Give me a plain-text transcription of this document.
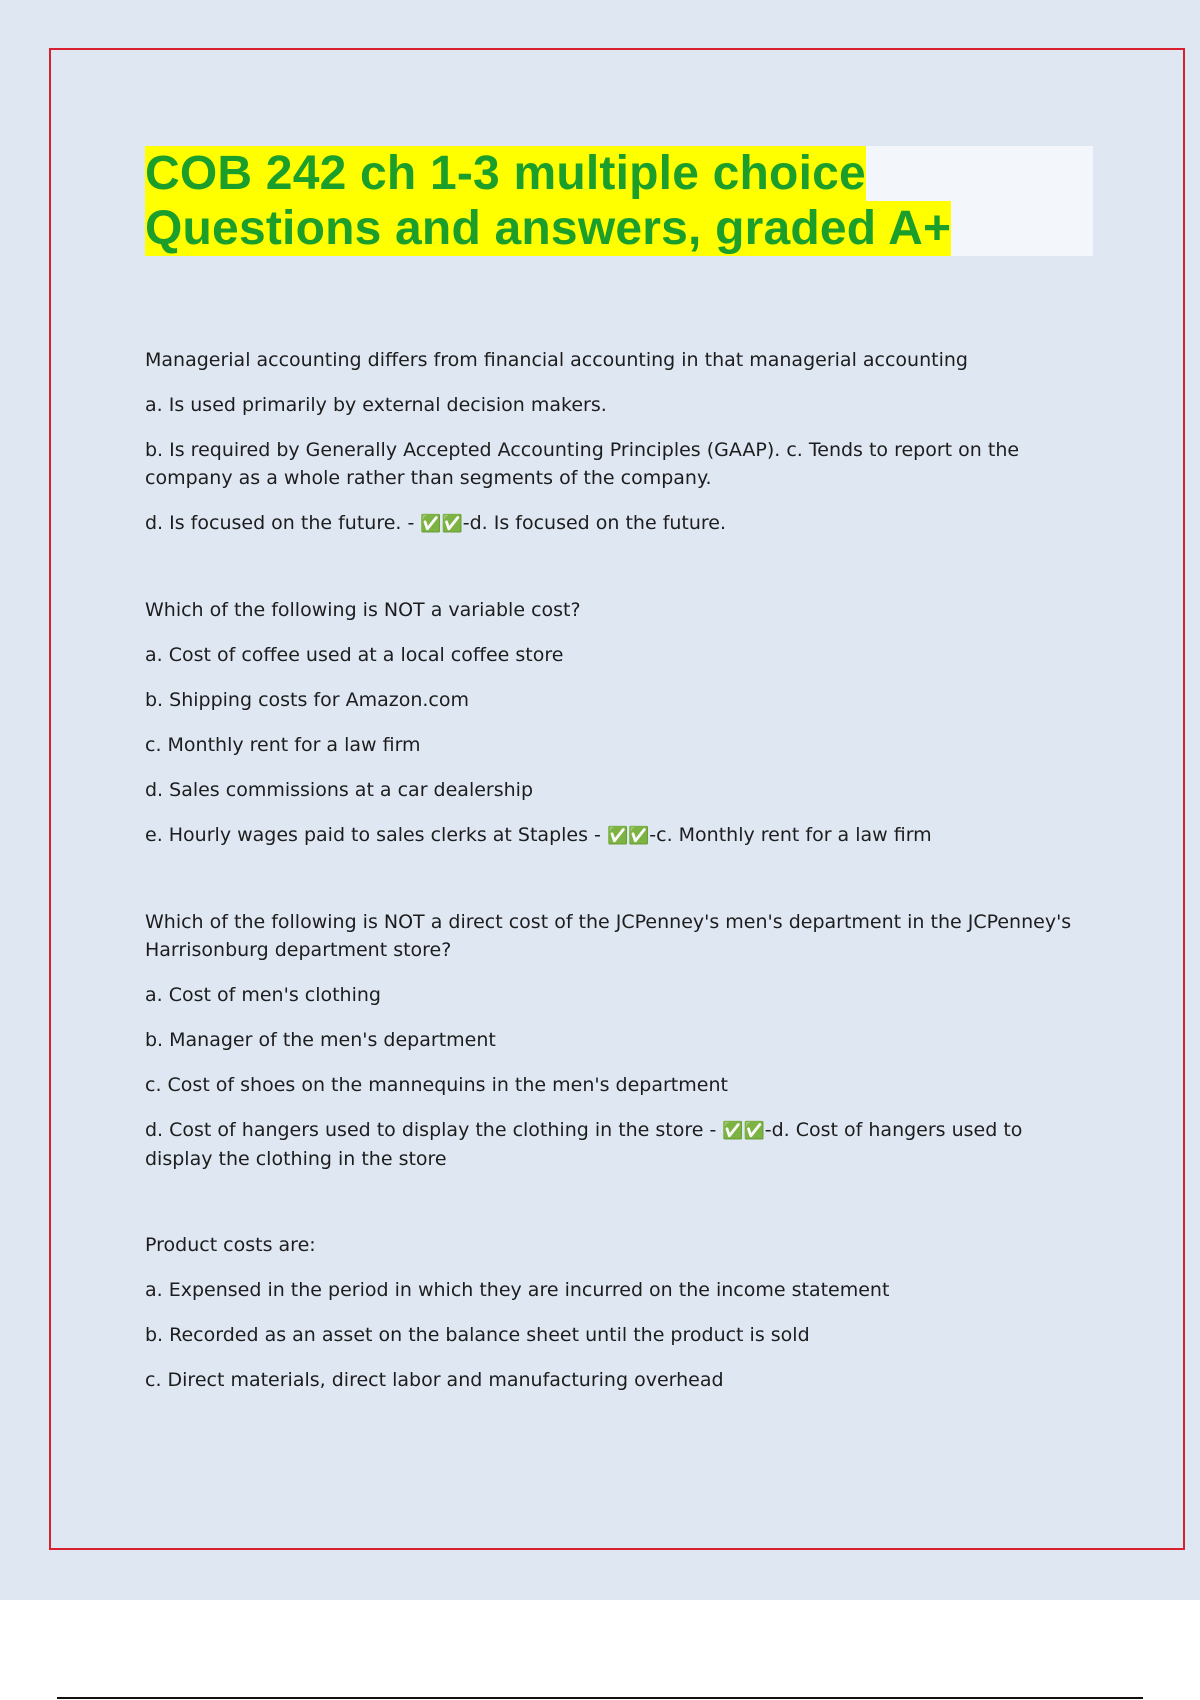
COB 242 ch 1-3 multiple choice
Questions and answers, graded A+

Managerial accounting differs from financial accounting in that managerial accounting

a. Is used primarily by external decision makers.

b. Is required by Generally Accepted Accounting Principles (GAAP). c. Tends to report on the company as a whole rather than segments of the company.

d. Is focused on the future. - ✅✅-d. Is focused on the future.

Which of the following is NOT a variable cost?

a. Cost of coffee used at a local coffee store

b. Shipping costs for Amazon.com

c. Monthly rent for a law firm

d. Sales commissions at a car dealership

e. Hourly wages paid to sales clerks at Staples - ✅✅-c. Monthly rent for a law firm

Which of the following is NOT a direct cost of the JCPenney's men's department in the JCPenney's Harrisonburg department store?

a. Cost of men's clothing

b. Manager of the men's department

c. Cost of shoes on the mannequins in the men's department

d. Cost of hangers used to display the clothing in the store - ✅✅-d. Cost of hangers used to display the clothing in the store

Product costs are:

a. Expensed in the period in which they are incurred on the income statement

b. Recorded as an asset on the balance sheet until the product is sold

c. Direct materials, direct labor and manufacturing overhead
